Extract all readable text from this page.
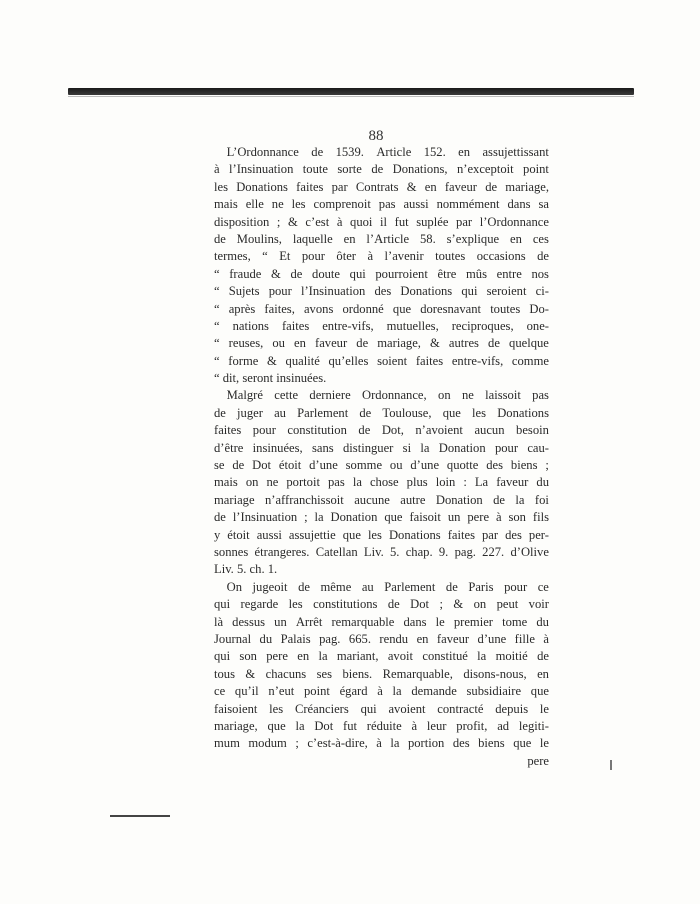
88
 L’Ordonnance de 1539. Article 152. en assujettissant
à l’Insinuation toute sorte de Donations, n’exceptoit point
les Donations faites par Contrats & en faveur de mariage,
mais elle ne les comprenoit pas aussi nommément dans sa
disposition ; & c’est à quoi il fut suplée par l’Ordonnance
de Moulins, laquelle en l’Article 58. s’explique en ces
termes, “ Et pour ôter à l’avenir toutes occasions de
“ fraude & de doute qui pourroient être mûs entre nos
“ Sujets pour l’Insinuation des Donations qui seroient ci-
“ après faites, avons ordonné que doresnavant toutes Do-
“ nations faites entre-vifs, mutuelles, reciproques, one-
“ reuses, ou en faveur de mariage, & autres de quelque
“ forme & qualité qu’elles soient faites entre-vifs, comme
“ dit, seront insinuées.
 Malgré cette derniere Ordonnance, on ne laissoit pas
de juger au Parlement de Toulouse, que les Donations
faites pour constitution de Dot, n’avoient aucun besoin
d’être insinuées, sans distinguer si la Donation pour cau-
se de Dot étoit d’une somme ou d’une quotte des biens ;
mais on ne portoit pas la chose plus loin : La faveur du
mariage n’affranchissoit aucune autre Donation de la foi
de l’Insinuation ; la Donation que faisoit un pere à son fils
y étoit aussi assujettie que les Donations faites par des per-
sonnes étrangeres. Catellan Liv. 5. chap. 9. pag. 227. d’Olive
Liv. 5. ch. 1.
 On jugeoit de même au Parlement de Paris pour ce
qui regarde les constitutions de Dot ; & on peut voir
là dessus un Arrêt remarquable dans le premier tome du
Journal du Palais pag. 665. rendu en faveur d’une fille à
qui son pere en la mariant, avoit constitué la moitié de
tous & chacuns ses biens. Remarquable, disons-nous, en
ce qu’il n’eut point égard à la demande subsidiaire que
faisoient les Créanciers qui avoient contracté depuis le
mariage, que la Dot fut réduite à leur profit, ad legiti-
mum modum ; c’est-à-dire, à la portion des biens que le
pere
